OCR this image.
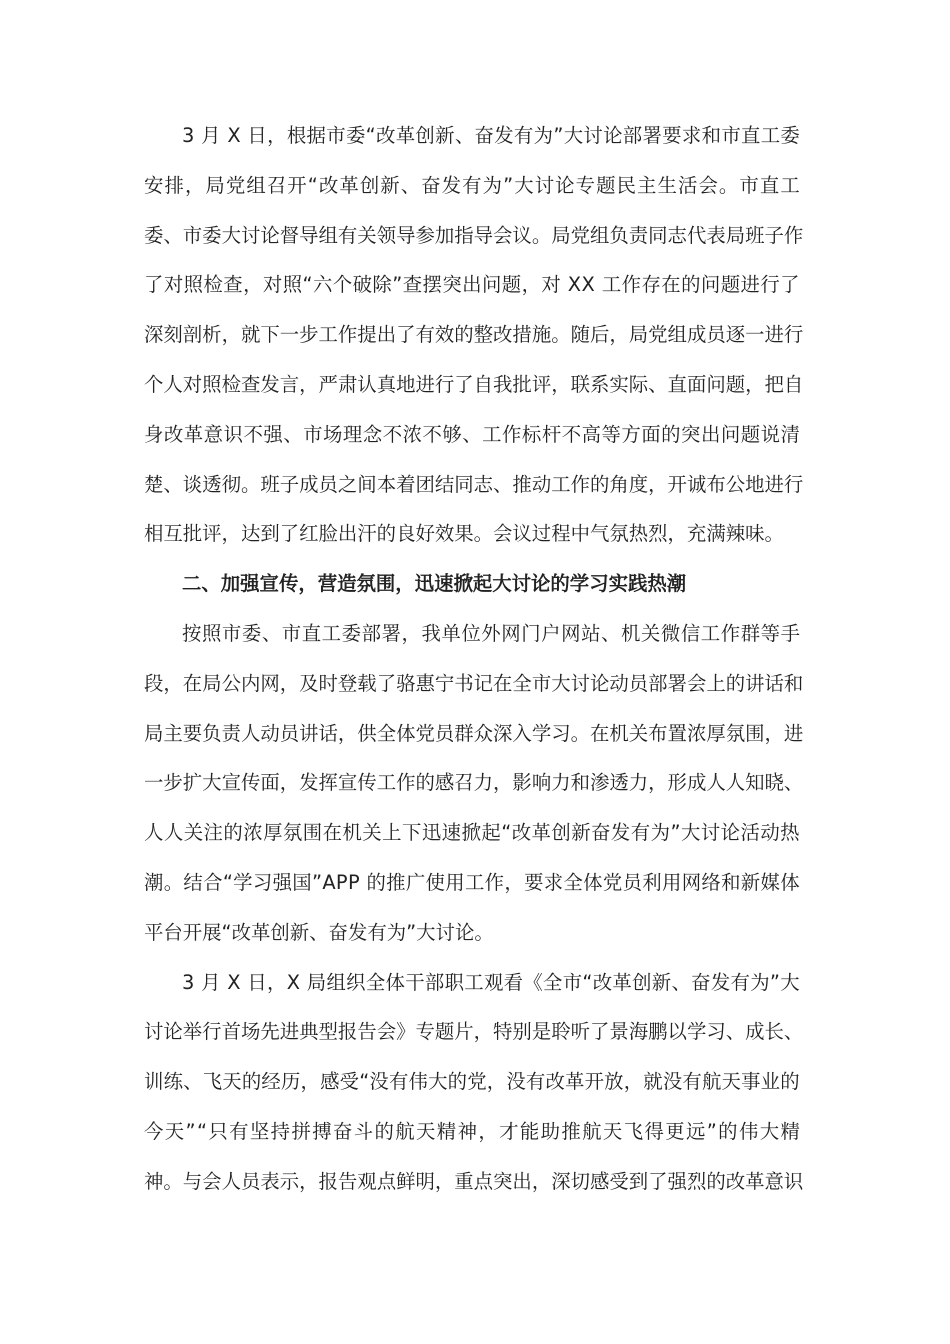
3
月
X
日 ， 根 据 市 委 “ 改 革 创 新 、 奋 发 有 为 ” 大 讨 论 部 署 要 求 和 市 直 工 委
安 排 ， 局 党 组 召 开 “ 改 革 创 新 、 奋 发 有 为 ” 大 讨 论 专 题 民 主 生 活 会 。 市 直 工
委 、 市 委 大 讨 论 督 导 组 有 关 领 导 参 加 指 导 会 议 。 局 党 组 负 责 同 志 代 表 局 班 子 作
了 对 照 检 查 ， 对 照 “ 六 个 破 除 ” 查 摆 突 出 问 题 ， 对
X X
工 作 存 在 的 问 题 进 行 了
深 刻 剖 析 ， 就 下 一 步 工 作 提 出 了 有 效 的 整 改 措 施 。 随 后 ， 局 党 组 成 员 逐 一 进 行
个 人 对 照 检 查 发 言 ， 严 肃 认 真 地 进 行 了 自 我 批 评 ， 联 系 实 际 、 直 面 问 题 ， 把 自
身 改 革 意 识 不 强 、 市 场 理 念 不 浓 不 够 、 工 作 标 杆 不 高 等 方 面 的 突 出 问 题 说 清
楚 、 谈 透 彻 。 班 子 成 员 之 间 本 着 团 结 同 志 、 推 动 工 作 的 角 度 ， 开 诚 布 公 地 进 行
相互批评，达到了红脸出汗的良好效果。会议过程中气氛热烈，充满辣味。
二、加强宣传，营造氛围，迅速掀起大讨论的学习实践热潮
按 照 市 委 、 市 直 工 委 部 署 ， 我 单 位 外 网 门 户 网 站 、 机 关 微 信 工 作 群 等 手
段 ， 在 局 公 内 网 ， 及 时 登 载 了 骆 惠 宁 书 记 在 全 市 大 讨 论 动 员 部 署 会 上 的 讲 话 和
局 主 要 负 责 人 动 员 讲 话 ， 供 全 体 党 员 群 众 深 入 学 习 。 在 机 关 布 置 浓 厚 氛 围 ， 进
一 步 扩 大 宣 传 面 ， 发 挥 宣 传 工 作 的 感 召 力 ， 影 响 力 和 渗 透 力 ， 形 成 人 人 知 晓 、
人 人 关 注 的 浓 厚 氛 围 在 机 关 上 下 迅 速 掀 起 “ 改 革 创 新 奋 发 有 为 ” 大 讨 论 活 动 热
潮 。 结 合 “ 学 习 强 国 ” A P P
的 推 广 使 用 工 作 ， 要 求 全 体 党 员 利 用 网 络 和 新 媒 体
平台开展“改革创新、奋发有为”大讨论。
3
月
X
日 ， X
局 组 织 全 体 干 部 职 工 观 看 《 全 市 “ 改 革 创 新 、 奋 发 有 为 ” 大
讨 论 举 行 首 场 先 进 典 型 报 告 会 》 专 题 片 ， 特 别 是 聆 听 了 景 海 鹏 以 学 习 、 成 长 、
训 练 、 飞 天 的 经 历 ， 感 受 “ 没 有 伟 大 的 党 ， 没 有 改 革 开 放 ， 就 没 有 航 天 事 业 的
今 天 ” “ 只 有 坚 持 拼 搏 奋 斗 的 航 天 精 神 ， 才 能 助 推 航 天 飞 得 更 远 ” 的 伟 大 精
神 。 与 会 人 员 表 示 ， 报 告 观 点 鲜 明 ， 重 点 突 出 ， 深 切 感 受 到 了 强 烈 的 改 革 意 识
